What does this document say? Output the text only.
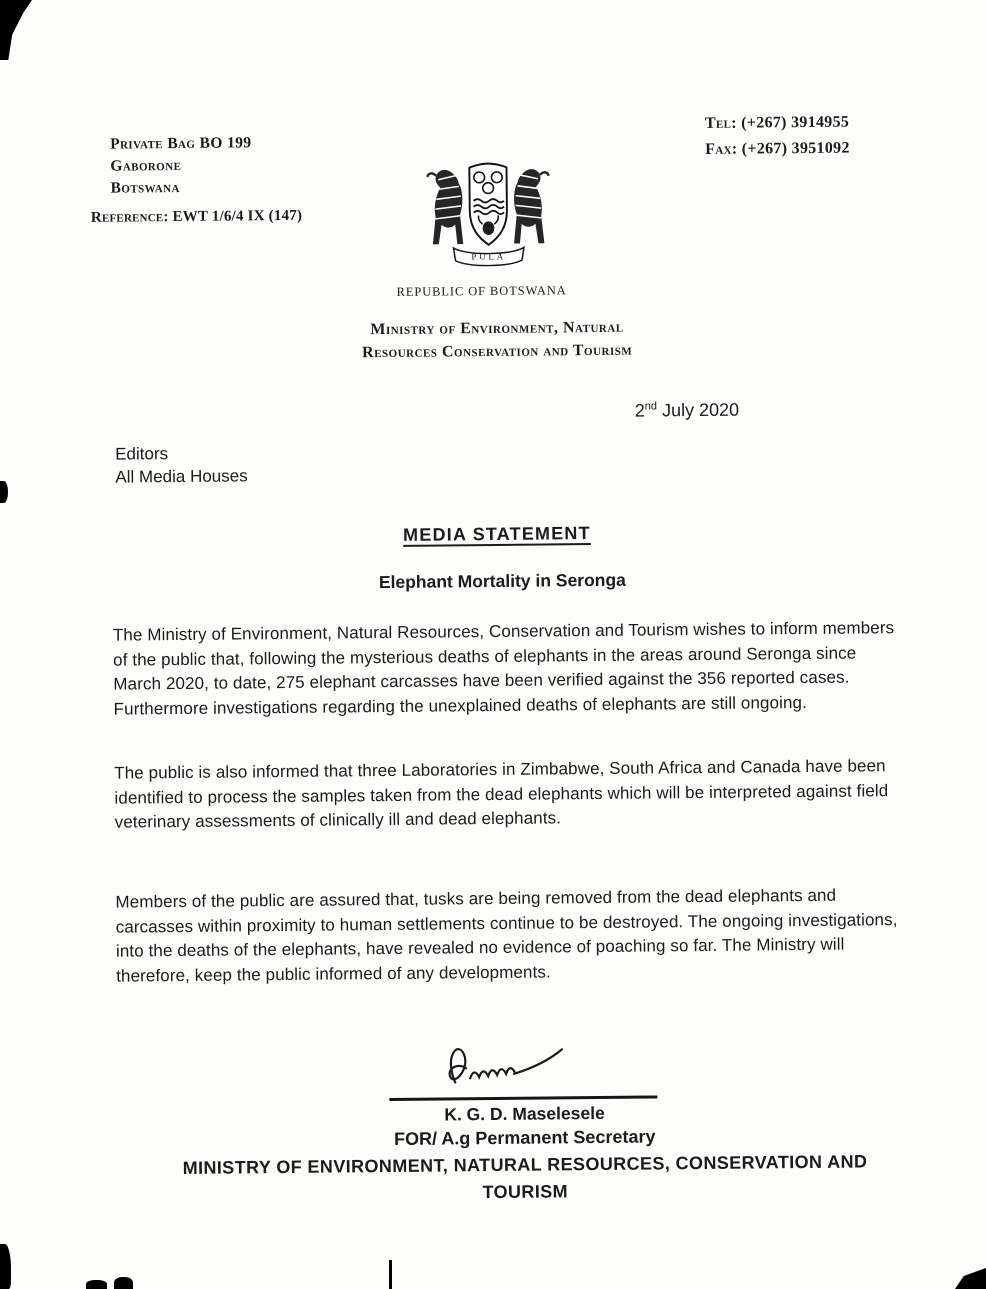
Private Bag BO 199
Gaborone
Botswana
Reference: EWT 1/6/4 IX (147)
Tel: (+267) 3914955
Fax: (+267) 3951092
PULA
REPUBLIC OF BOTSWANA
Ministry of Environment, Natural
Resources Conservation and Tourism
2nd July 2020
Editors
All Media Houses
MEDIA STATEMENT
Elephant Mortality in Seronga
The Ministry of Environment, Natural Resources, Conservation and Tourism wishes to inform members of the public that, following the mysterious deaths of elephants in the areas around Seronga since March 2020, to date, 275 elephant carcasses have been verified against the 356 reported cases. Furthermore investigations regarding the unexplained deaths of elephants are still ongoing.
The public is also informed that three Laboratories in Zimbabwe, South Africa and Canada have been identified to process the samples taken from the dead elephants which will be interpreted against field veterinary assessments of clinically ill and dead elephants.
Members of the public are assured that, tusks are being removed from the dead elephants and carcasses within proximity to human settlements continue to be destroyed. The ongoing investigations, into the deaths of the elephants, have revealed no evidence of poaching so far. The Ministry will therefore, keep the public informed of any developments.
K. G. D. Maselesele
FOR/ A.g Permanent Secretary
MINISTRY OF ENVIRONMENT, NATURAL RESOURCES, CONSERVATION AND
TOURISM
